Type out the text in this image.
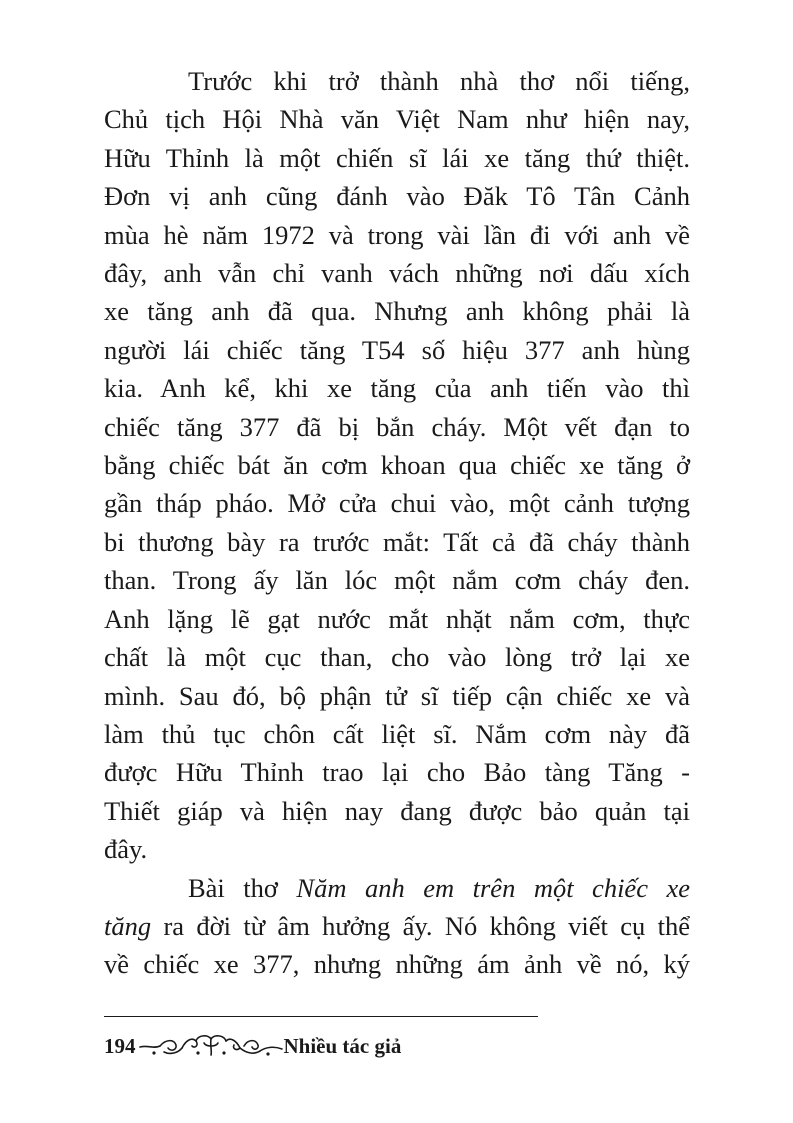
Trước khi trở thành nhà thơ nổi tiếng,
Chủ tịch Hội Nhà văn Việt Nam như hiện nay,
Hữu Thỉnh là một chiến sĩ lái xe tăng thứ thiệt.
Đơn vị anh cũng đánh vào Đăk Tô Tân Cảnh
mùa hè năm 1972 và trong vài lần đi với anh về
đây, anh vẫn chỉ vanh vách những nơi dấu xích
xe tăng anh đã qua. Nhưng anh không phải là
người lái chiếc tăng T54 số hiệu 377 anh hùng
kia. Anh kể, khi xe tăng của anh tiến vào thì
chiếc tăng 377 đã bị bắn cháy. Một vết đạn to
bằng chiếc bát ăn cơm khoan qua chiếc xe tăng ở
gần tháp pháo. Mở cửa chui vào, một cảnh tượng
bi thương bày ra trước mắt: Tất cả đã cháy thành
than. Trong ấy lăn lóc một nắm cơm cháy đen.
Anh lặng lẽ gạt nước mắt nhặt nắm cơm, thực
chất là một cục than, cho vào lòng trở lại xe
mình. Sau đó, bộ phận tử sĩ tiếp cận chiếc xe và
làm thủ tục chôn cất liệt sĩ. Nắm cơm này đã
được Hữu Thỉnh trao lại cho Bảo tàng Tăng -
Thiết giáp và hiện nay đang được bảo quản tại
đây.
Bài thơ Năm anh em trên một chiếc xe
tăng ra đời từ âm hưởng ấy. Nó không viết cụ thể
về chiếc xe 377, nhưng những ám ảnh về nó, ký
194	Nhiều tác giả
